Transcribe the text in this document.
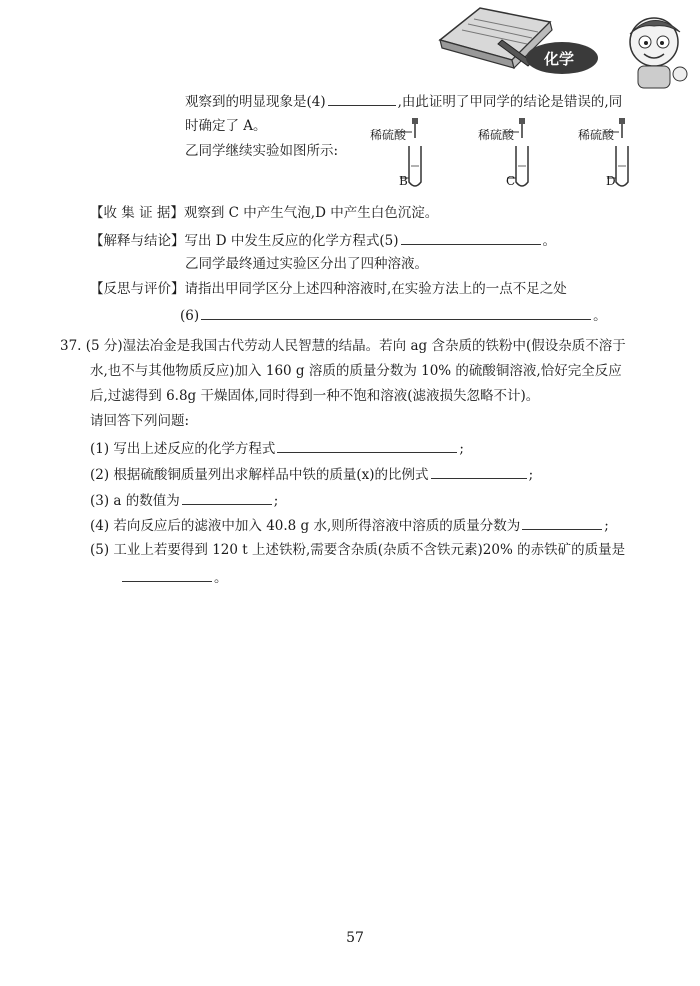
化学
观察到的明显现象是(4)	,由此证明了甲同学的结论是错误的,同
时确定了 A。
乙同学继续实验如图所示:
稀硫酸	稀硫酸	稀硫酸
B	C	D
【收 集 证 据】观察到 C 中产生气泡,D 中产生白色沉淀。
【解释与结论】写出 D 中发生反应的化学方程式(5)	。
乙同学最终通过实验区分出了四种溶液。
【反思与评价】请指出甲同学区分上述四种溶液时,在实验方法上的一点不足之处
(6)	。
37. (5 分)湿法冶金是我国古代劳动人民智慧的结晶。若向 ag 含杂质的铁粉中(假设杂质不溶于
水,也不与其他物质反应)加入 160 g 溶质的质量分数为 10% 的硫酸铜溶液,恰好完全反应
后,过滤得到 6.8g 干燥固体,同时得到一种不饱和溶液(滤液损失忽略不计)。
请回答下列问题:
(1) 写出上述反应的化学方程式	;
(2) 根据硫酸铜质量列出求解样品中铁的质量(x)的比例式	;
(3) a 的数值为	;
(4) 若向反应后的滤液中加入 40.8 g 水,则所得溶液中溶质的质量分数为	;
(5) 工业上若要得到 120 t 上述铁粉,需要含杂质(杂质不含铁元素)20% 的赤铁矿的质量是
。
57
